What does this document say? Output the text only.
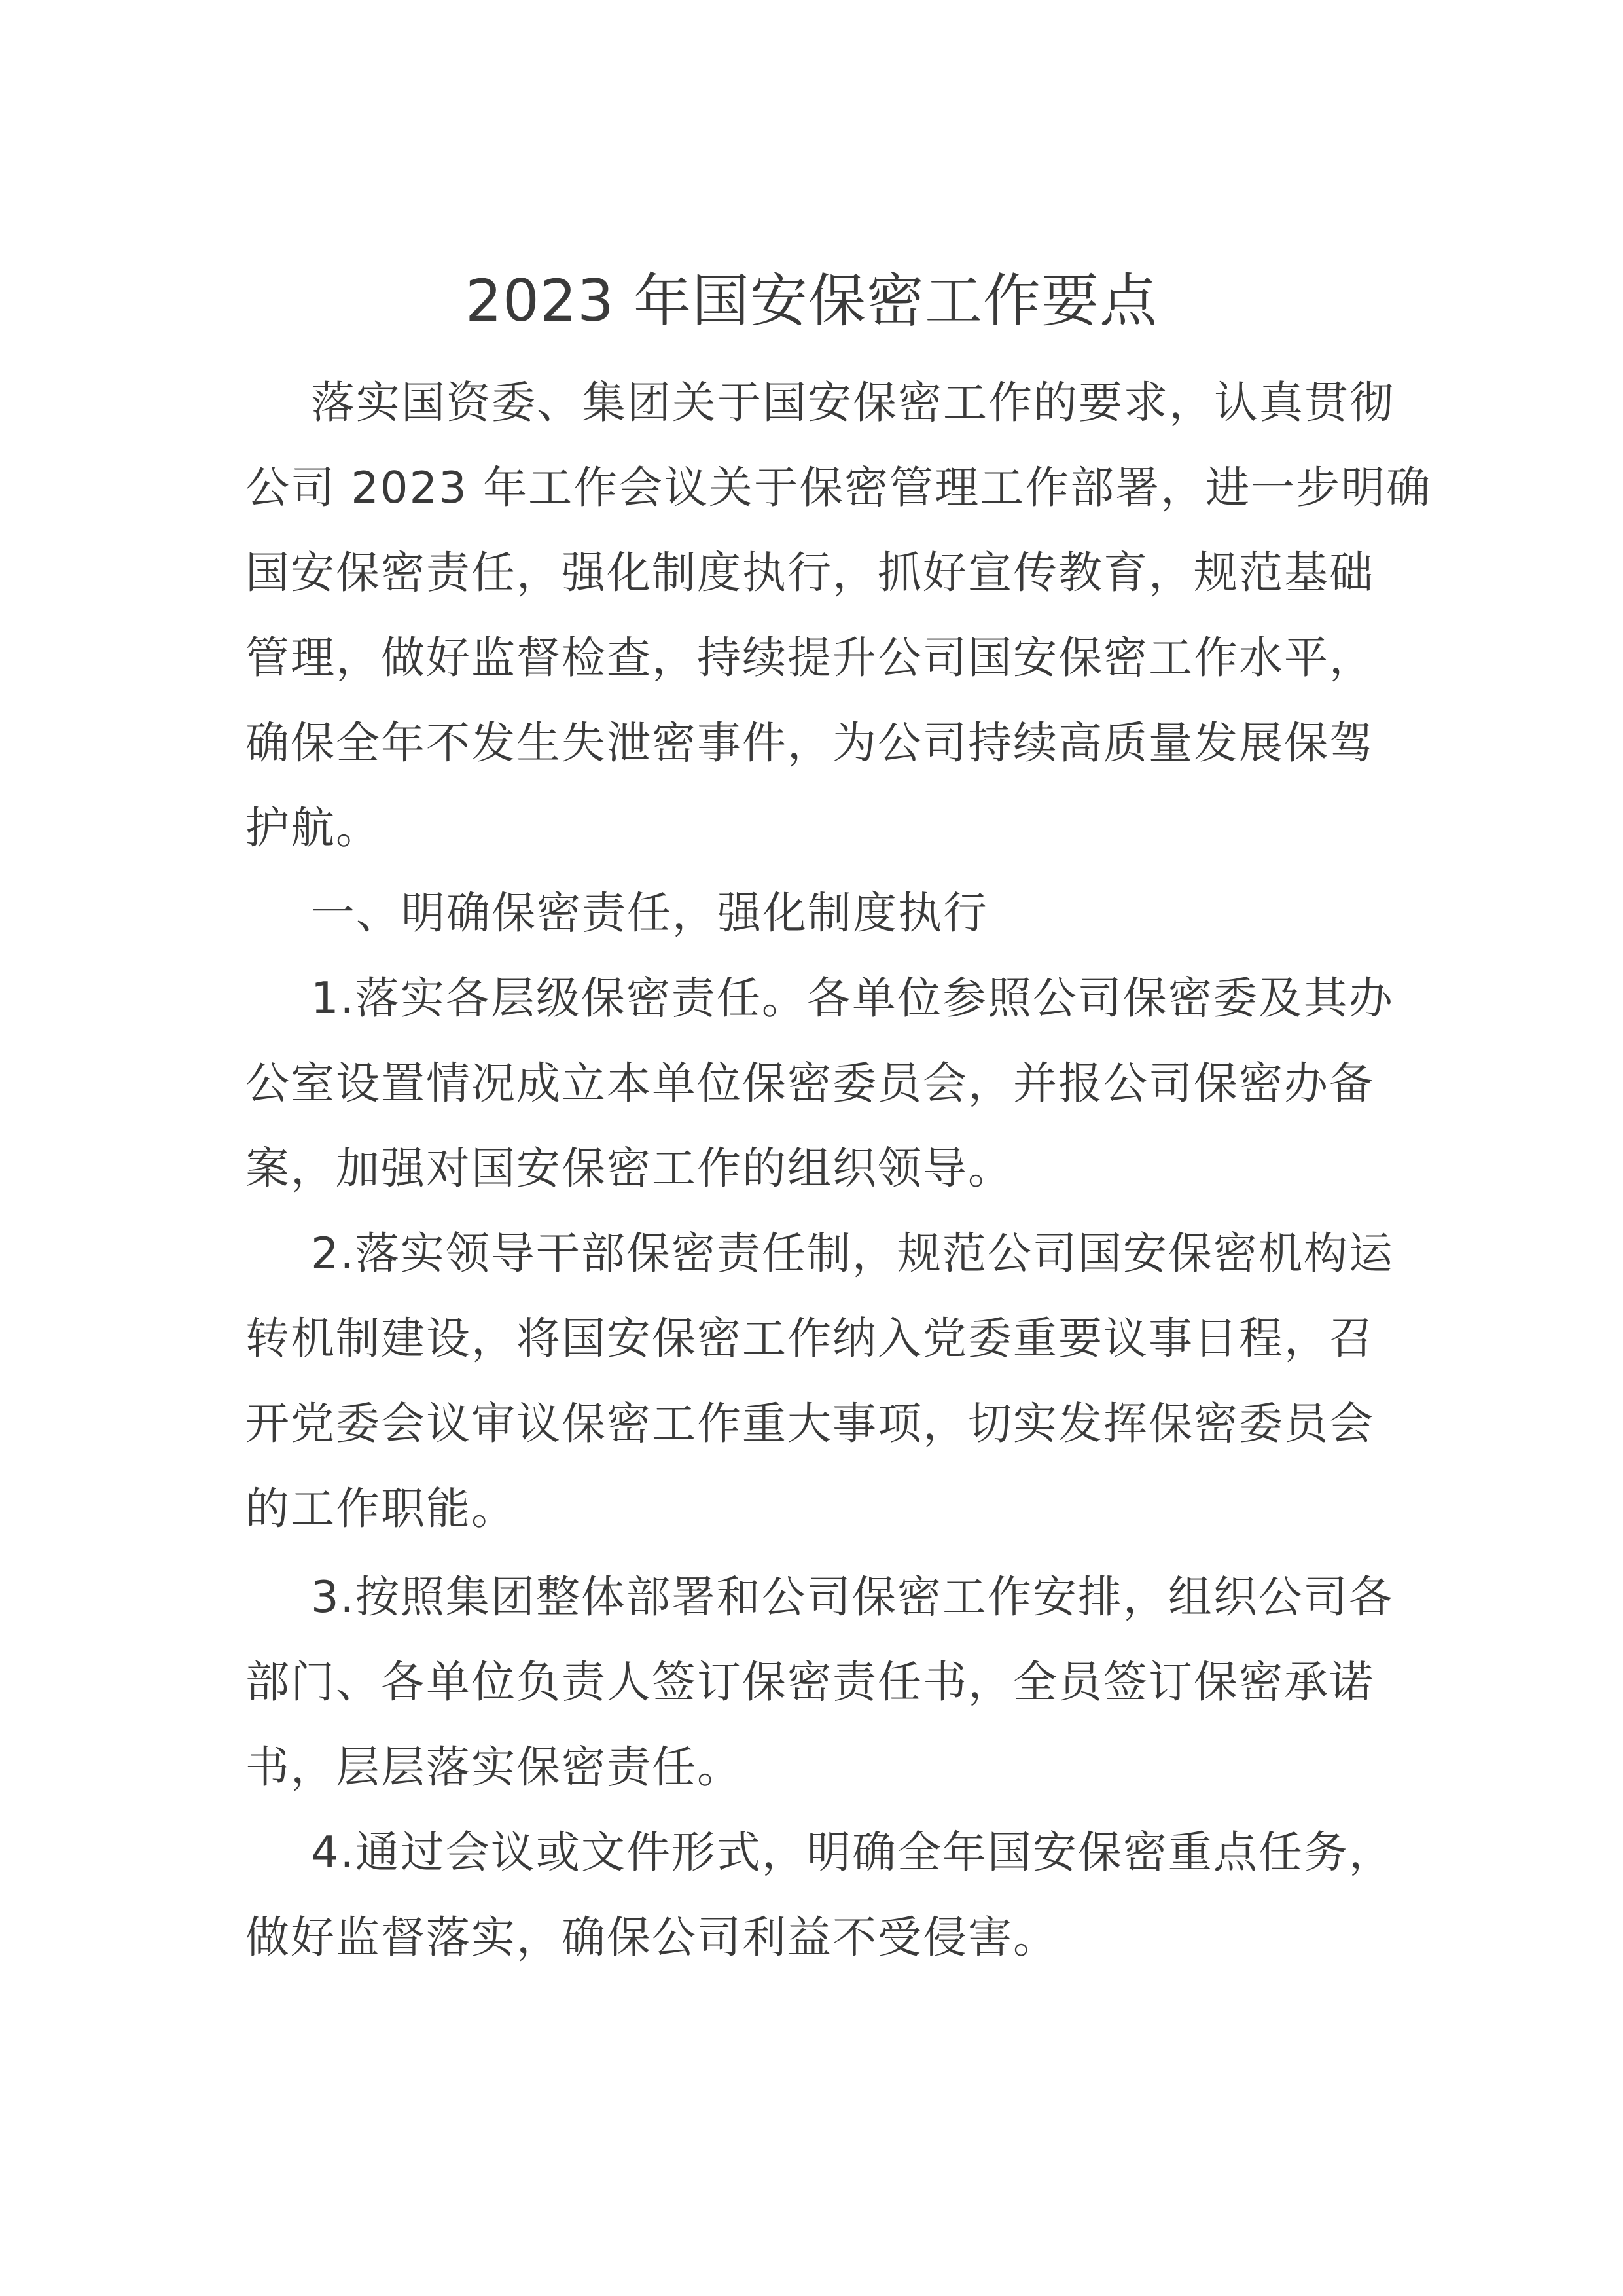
2023 年国安保密工作要点

落实国资委、集团关于国安保密工作的要求，认真贯彻

公司 2023 年工作会议关于保密管理工作部署，进一步明确

国安保密责任，强化制度执行，抓好宣传教育，规范基础

管理，做好监督检查，持续提升公司国安保密工作水平，

确保全年不发生失泄密事件，为公司持续高质量发展保驾

护航。

一、明确保密责任，强化制度执行

1.落实各层级保密责任。各单位参照公司保密委及其办

公室设置情况成立本单位保密委员会，并报公司保密办备

案，加强对国安保密工作的组织领导。

2.落实领导干部保密责任制，规范公司国安保密机构运

转机制建设，将国安保密工作纳入党委重要议事日程，召

开党委会议审议保密工作重大事项，切实发挥保密委员会

的工作职能。

3.按照集团整体部署和公司保密工作安排，组织公司各

部门、各单位负责人签订保密责任书，全员签订保密承诺

书，层层落实保密责任。

4.通过会议或文件形式，明确全年国安保密重点任务，

做好监督落实，确保公司利益不受侵害。
